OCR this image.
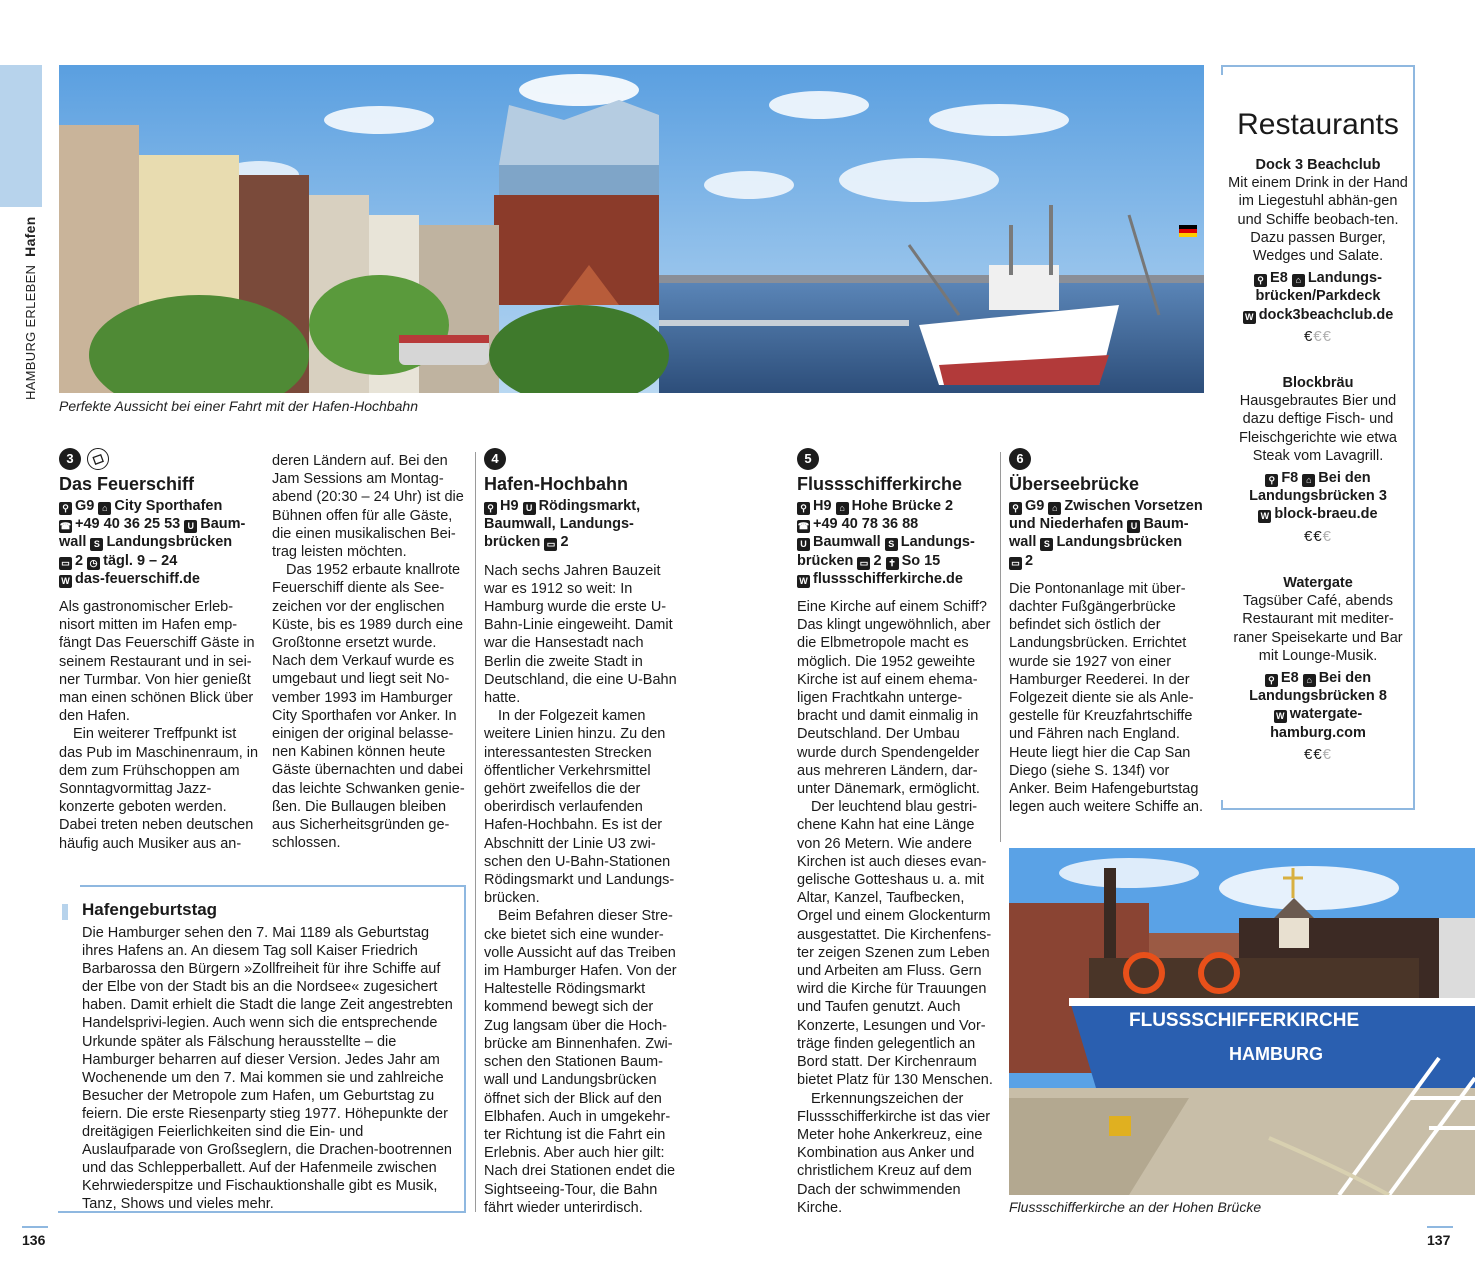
HAMBURG ERLEBEN Hafen
Perfekte Aussicht bei einer Fahrt mit der Hafen-Hochbahn
3
Das Feuerschiff
⚲ G9 ⌂ City Sporthafen
☎ +49 40 36 25 53 U Baum-
wall S Landungsbrücken
▭ 2 ◷ tägl. 9 – 24
W das-feuerschiff.de

Als gastronomischer Erleb-nisort mitten im Hafen emp-fängt Das Feuerschiff Gäste in seinem Restaurant und in sei-ner Turmbar. Von hier genießt man einen schönen Blick über den Hafen.

Ein weiterer Treffpunkt ist das Pub im Maschinenraum, in dem zum Frühschoppen am Sonntagvormittag Jazz-konzerte geboten werden. Dabei treten neben deutschen häufig auch Musiker aus an-

deren Ländern auf. Bei den Jam Sessions am Montag-abend (20:30 – 24 Uhr) ist die Bühnen offen für alle Gäste, die einen musikalischen Bei-trag leisten möchten.

Das 1952 erbaute knallrote Feuerschiff diente als See-zeichen vor der englischen Küste, bis es 1989 durch eine Großtonne ersetzt wurde. Nach dem Verkauf wurde es umgebaut und liegt seit No-vember 1993 im Hamburger City Sporthafen vor Anker. In einigen der original belasse-nen Kabinen können heute Gäste übernachten und dabei das leichte Schwanken genie-ßen. Die Bullaugen bleiben aus Sicherheitsgründen ge-schlossen.

4
Hafen-Hochbahn
⚲ H9 U Rödingsmarkt, Baumwall, Landungs-brücken ▭ 2

Nach sechs Jahren Bauzeit war es 1912 so weit: In Hamburg wurde die erste U-Bahn-Linie eingeweiht. Damit war die Hansestadt nach Berlin die zweite Stadt in Deutschland, die eine U-Bahn hatte.

In der Folgezeit kamen weitere Linien hinzu. Zu den interessantesten Strecken öffentlicher Verkehrsmittel gehört zweifellos die der oberirdisch verlaufenden Hafen-Hochbahn. Es ist der Abschnitt der Linie U3 zwi-schen den U-Bahn-Stationen Rödingsmarkt und Landungs-brücken.

Beim Befahren dieser Stre-cke bietet sich eine wunder-volle Aussicht auf das Treiben im Hamburger Hafen. Von der Haltestelle Rödingsmarkt kommend bewegt sich der Zug langsam über die Hoch-brücke am Binnenhafen. Zwi-schen den Stationen Baum-wall und Landungsbrücken öffnet sich der Blick auf den Elbhafen. Auch in umgekehr-ter Richtung ist die Fahrt ein Erlebnis. Aber auch hier gilt: Nach drei Stationen endet die Sightseeing-Tour, die Bahn fährt wieder unterirdisch.

5
Flussschifferkirche
⚲ H9 ⌂ Hohe Brücke 2
☎ +49 40 78 36 88
U Baumwall S Landungs-brücken ▭ 2 ✝ So 15
W flussschifferkirche.de

Eine Kirche auf einem Schiff? Das klingt ungewöhnlich, aber die Elbmetropole macht es möglich. Die 1952 geweihte Kirche ist auf einem ehema-ligen Frachtkahn unterge-bracht und damit einmalig in Deutschland. Der Umbau wurde durch Spendengelder aus mehreren Ländern, dar-unter Dänemark, ermöglicht.

Der leuchtend blau gestri-chene Kahn hat eine Länge von 26 Metern. Wie andere Kirchen ist auch dieses evan-gelische Gotteshaus u. a. mit Altar, Kanzel, Taufbecken, Orgel und einem Glockenturm ausgestattet. Die Kirchenfens-ter zeigen Szenen zum Leben und Arbeiten am Fluss. Gern wird die Kirche für Trauungen und Taufen genutzt. Auch Konzerte, Lesungen und Vor-träge finden gelegentlich an Bord statt. Der Kirchenraum bietet Platz für 130 Menschen.

Erkennungszeichen der Flussschifferkirche ist das vier Meter hohe Ankerkreuz, eine Kombination aus Anker und christlichem Kreuz auf dem Dach der schwimmenden Kirche.

6
Überseebrücke
⚲ G9 ⌂ Zwischen Vorsetzen und Niederhafen U Baum-wall S Landungsbrücken
▭ 2

Die Pontonanlage mit über-dachter Fußgängerbrücke befindet sich östlich der Landungsbrücken. Errichtet wurde sie 1927 von einer Hamburger Reederei. In der Folgezeit diente sie als Anle-gestelle für Kreuzfahrtschiffe und Fähren nach England. Heute liegt hier die Cap San Diego (siehe S. 134f) vor Anker. Beim Hafengeburtstag legen auch weitere Schiffe an.

Hafengeburtstag
Die Hamburger sehen den 7. Mai 1189 als Geburtstag ihres Hafens an. An diesem Tag soll Kaiser Friedrich Barbarossa den Bürgern »Zollfreiheit für ihre Schiffe auf der Elbe von der Stadt bis an die Nordsee« zugesichert haben. Damit erhielt die Stadt die lange Zeit angestrebten Handelsprivi-legien. Auch wenn sich die entsprechende Urkunde später als Fälschung herausstellte – die Hamburger beharren auf dieser Version. Jedes Jahr am Wochenende um den 7. Mai kommen sie und zahlreiche Besucher der Metropole zum Hafen, um Geburtstag zu feiern. Die erste Riesenparty stieg 1977. Höhepunkte der dreitägigen Feierlichkeiten sind die Ein- und Auslaufparade von Großseglern, die Drachen-bootrennen und das Schlepperballett. Auf der Hafenmeile zwischen Kehrwiederspitze und Fischauktionshalle gibt es Musik, Tanz, Shows und vieles mehr.
Restaurants
Dock 3 Beachclub
Mit einem Drink in der Hand im Liegestuhl abhän-gen und Schiffe beobach-ten. Dazu passen Burger, Wedges und Salate.
⚲ E8 ⌂ Landungs-brücken/Parkdeck
W dock3beachclub.de
€€€
Blockbräu
Hausgebrautes Bier und dazu deftige Fisch- und Fleischgerichte wie etwa Steak vom Lavagrill.
⚲ F8 ⌂ Bei den Landungsbrücken 3
W block-braeu.de
€€€
Watergate
Tagsüber Café, abends Restaurant mit mediter-raner Speisekarte und Bar mit Lounge-Musik.
⚲ E8 ⌂ Bei den Landungsbrücken 8
W watergate-hamburg.com
€€€
FLUSSSCHIFFERKIRCHE
HAMBURG
Flussschifferkirche an der Hohen Brücke
136	137
